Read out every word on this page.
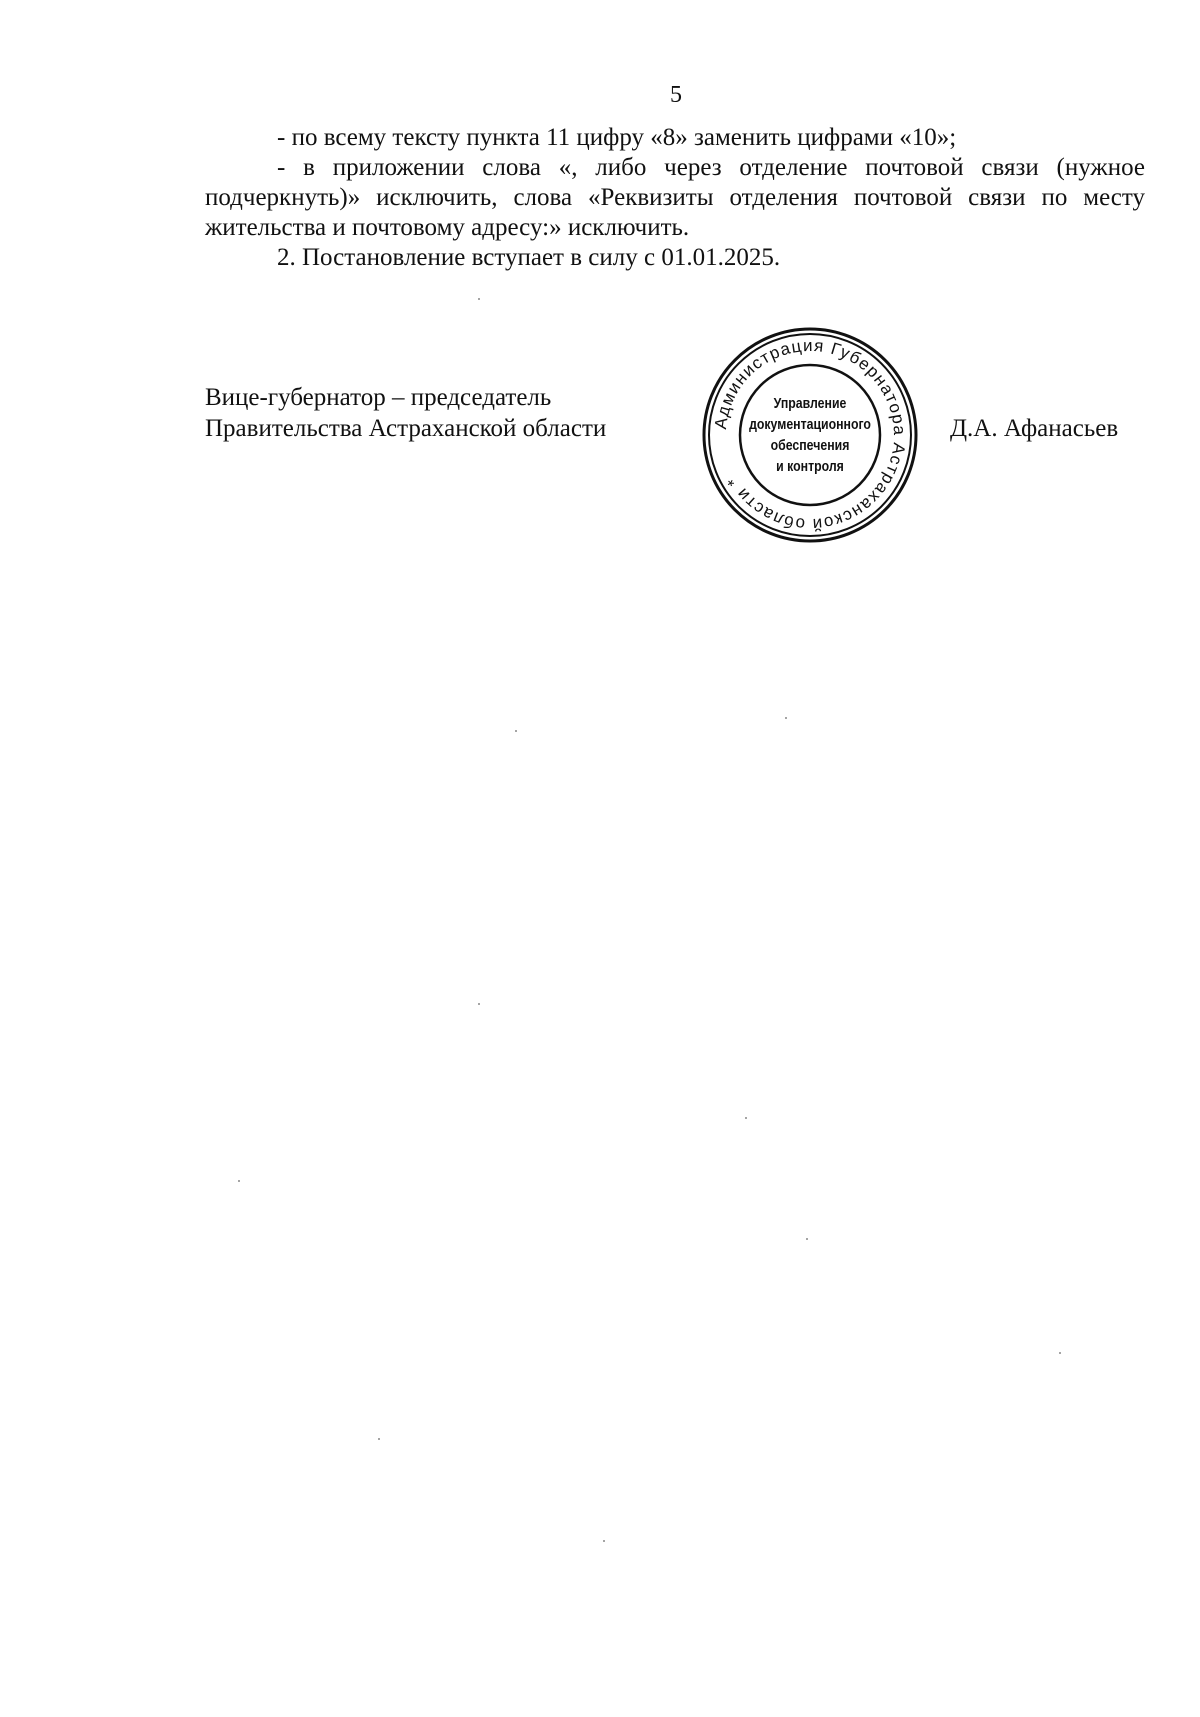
5

- по всему тексту пункта 11 цифру «8» заменить цифрами «10»;

- в приложении слова «, либо через отделение почтовой связи (нужное подчеркнуть)» исключить, слова «Реквизиты отделения почтовой связи по месту жительства и почтовому адресу:» исключить.

2. Постановление вступает в силу с 01.01.2025.

Вице-губернатор – председатель
Правительства Астраханской области	Администрация Губернатора Астраханской области *
Управление
документационного
обеспечения
и контроля
Д.А. Афанасьев
